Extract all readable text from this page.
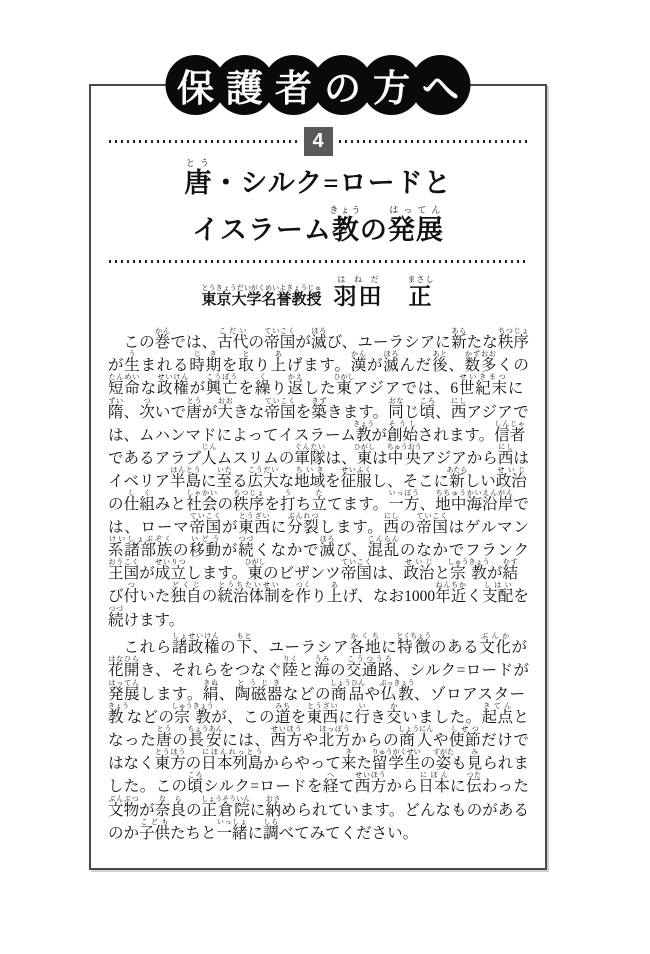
保 護 者 の 方 へ
4
唐とう・シルク=ロードと
イスラーム教きょうの発展はってん
東京大学名誉教授とうきょうだいがくめいよきょうじゅ 羽田はねだ　正まさし

この巻かんでは、古代こだいの帝国ていこくが滅ほろび、ユーラシアに新あらたな秩序ちつじょが生うまれる時期じきを取とり上あげます。漢かんが滅ほろんだ後あと、数多かずおおくの短命たんめいな政権せいけんが興亡こうぼうを繰くり返かえした東ひがしアジアでは、6世紀末せいきまつに隋ずい、次ついで唐とうが大おおきな帝国ていこくを築きずきます。同おなじ頃ころ、西にしアジアでは、ムハンマドによってイスラーム教きょうが創始そうしされます。信者しんじゃであるアラブ人じんムスリムの軍隊ぐんたいは、東ひがしは中央ちゅうおうアジアから西にしはイベリア半島はんとうに至いたる広大こうだいな地域ちいきを征服せいふくし、そこに新あたらしい政治せいじの仕組しくみと社会しゃかいの秩序ちつじょを打うち立たてます。一方いっぽう、地中海沿岸ちちゅうかいえんがんでは、ローマ帝国ていこくが東西とうざいに分裂ぶんれつします。西にしの帝国ていこくはゲルマン系諸部族けいしょぶぞくの移動いどうが続つづくなかで滅ほろび、混乱こんらんのなかでフランク王国おうこくが成立せいりつします。東ひがしのビザンツ帝国ていこくは、政治せいじと宗教しゅうきょうが結むすび付ついた独自どくじの統治体制とうちたいせいを作つくり上あげ、なお1000年近ねんちかく支配しはいを続つづけます。

これら諸政権しょせいけんの下もと、ユーラシア各地かくちに特徴とくちょうのある文化ぶんかが花開はなひらき、それらをつなぐ陸りくと海うみの交通路こうつうろ、シルク=ロードが発展はってんします。絹きぬ、陶磁器とうじきなどの商品しょうひんや仏教ぶっきょう、ゾロアスター教きょうなどの宗教しゅうきょうが、この道みちを東西とうざいに行いき交かいました。起点きてんとなった唐とうの長安ちょうあんには、西方せいほうや北方ほっぽうからの商人しょうにんや使節しせつだけではなく東方とうほうの日本列島にほんれっとうからやって来きた留学生りゅうがくせいの姿すがたも見みられました。この頃ころシルク=ロードを経へて西方せいほうから日本にほんに伝つたわった文物ぶんぶつが奈良ならの正倉院しょうそういんに納おさめられています。どんなものがあるのか子供こどもたちと一緒いっしょに調しらべてみてください。
